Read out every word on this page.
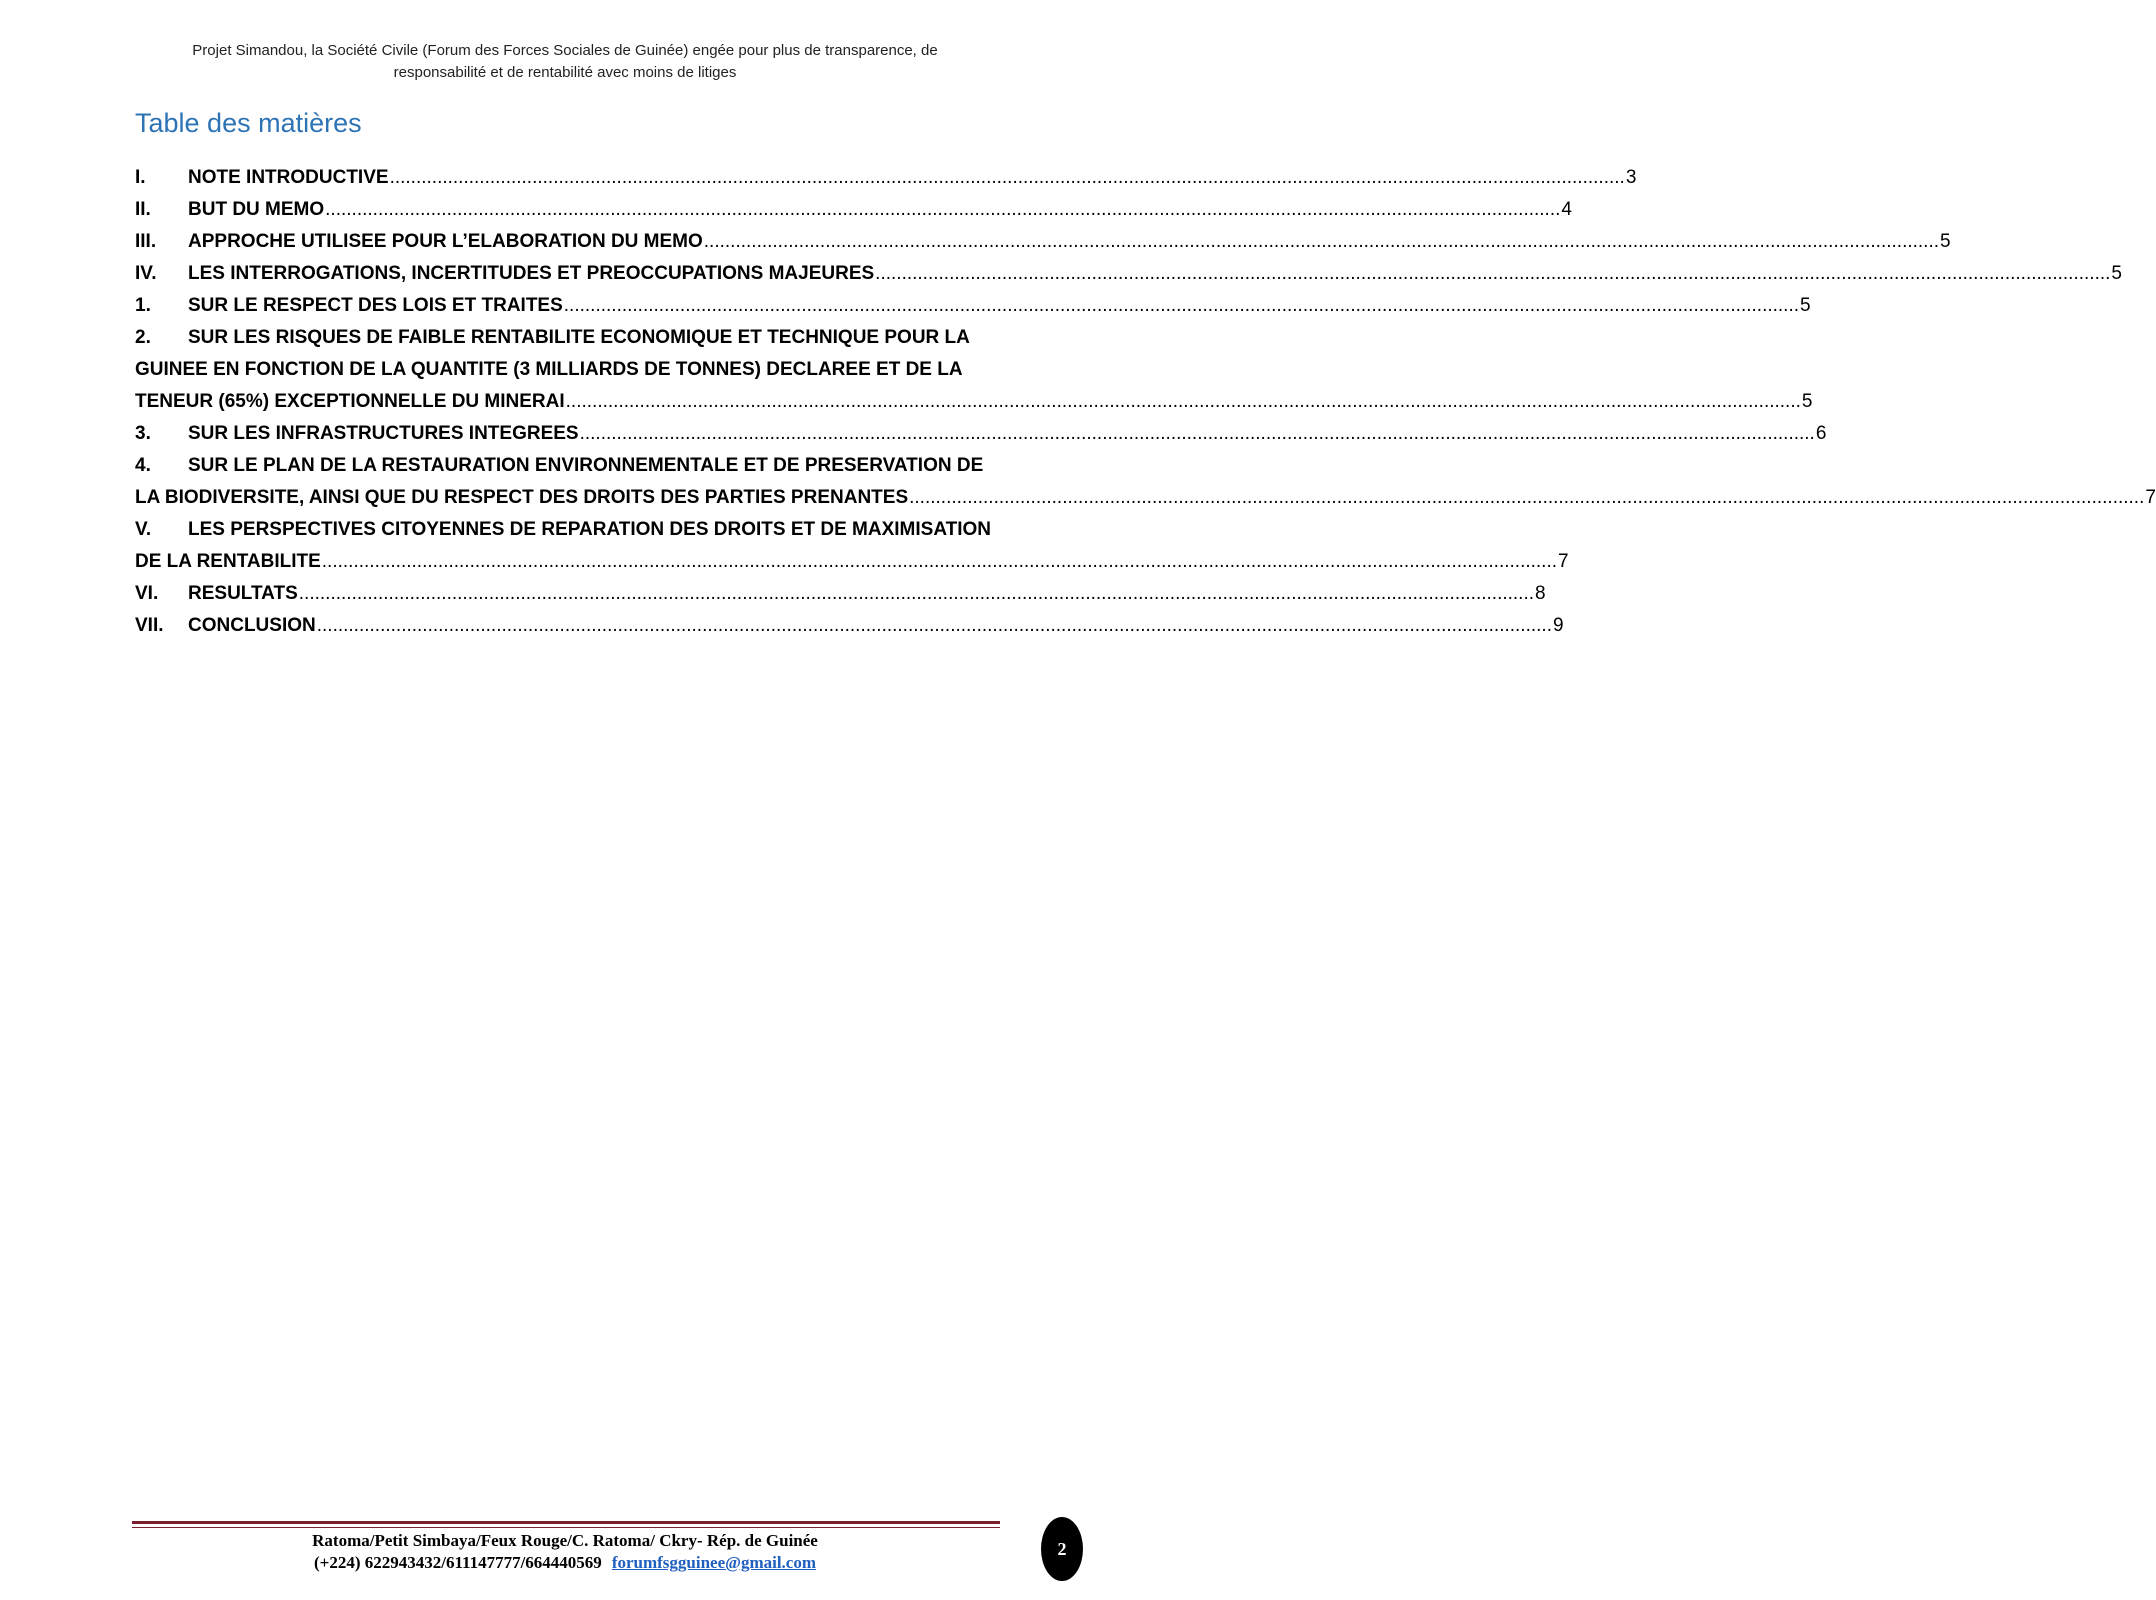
Projet Simandou, la Société Civile (Forum des Forces Sociales de Guinée) engée pour plus de transparence, de
responsabilité et de rentabilité avec moins de litiges
Table des matières
I.	NOTE INTRODUCTIVE .....	3
II.	BUT DU MEMO .....	4
III.	APPROCHE UTILISEE POUR L’ELABORATION DU MEMO .....	5
IV.	LES INTERROGATIONS, INCERTITUDES ET PREOCCUPATIONS MAJEURES .....	5
1.	SUR LE RESPECT DES LOIS ET TRAITES .....	5
2.	SUR LES RISQUES DE FAIBLE RENTABILITE ECONOMIQUE ET TECHNIQUE POUR LA
GUINEE EN FONCTION DE LA QUANTITE (3 MILLIARDS DE TONNES) DECLAREE ET DE LA
TENEUR (65%) EXCEPTIONNELLE DU MINERAI .....	5
3.	SUR LES INFRASTRUCTURES INTEGREES .....	6
4.	SUR LE PLAN DE LA RESTAURATION ENVIRONNEMENTALE ET DE PRESERVATION DE
LA BIODIVERSITE, AINSI QUE DU RESPECT DES DROITS DES PARTIES PRENANTES .....	7
V.	LES PERSPECTIVES CITOYENNES DE REPARATION DES DROITS ET DE MAXIMISATION
DE LA RENTABILITE .....	7
VI.	RESULTATS .....	8
VII.	CONCLUSION .....	9
Ratoma/Petit Simbaya/Feux Rouge/C. Ratoma/ Ckry- Rép. de Guinée
(+224) 622943432/611147777/664440569 forumfsgguinee@gmail.com
2
